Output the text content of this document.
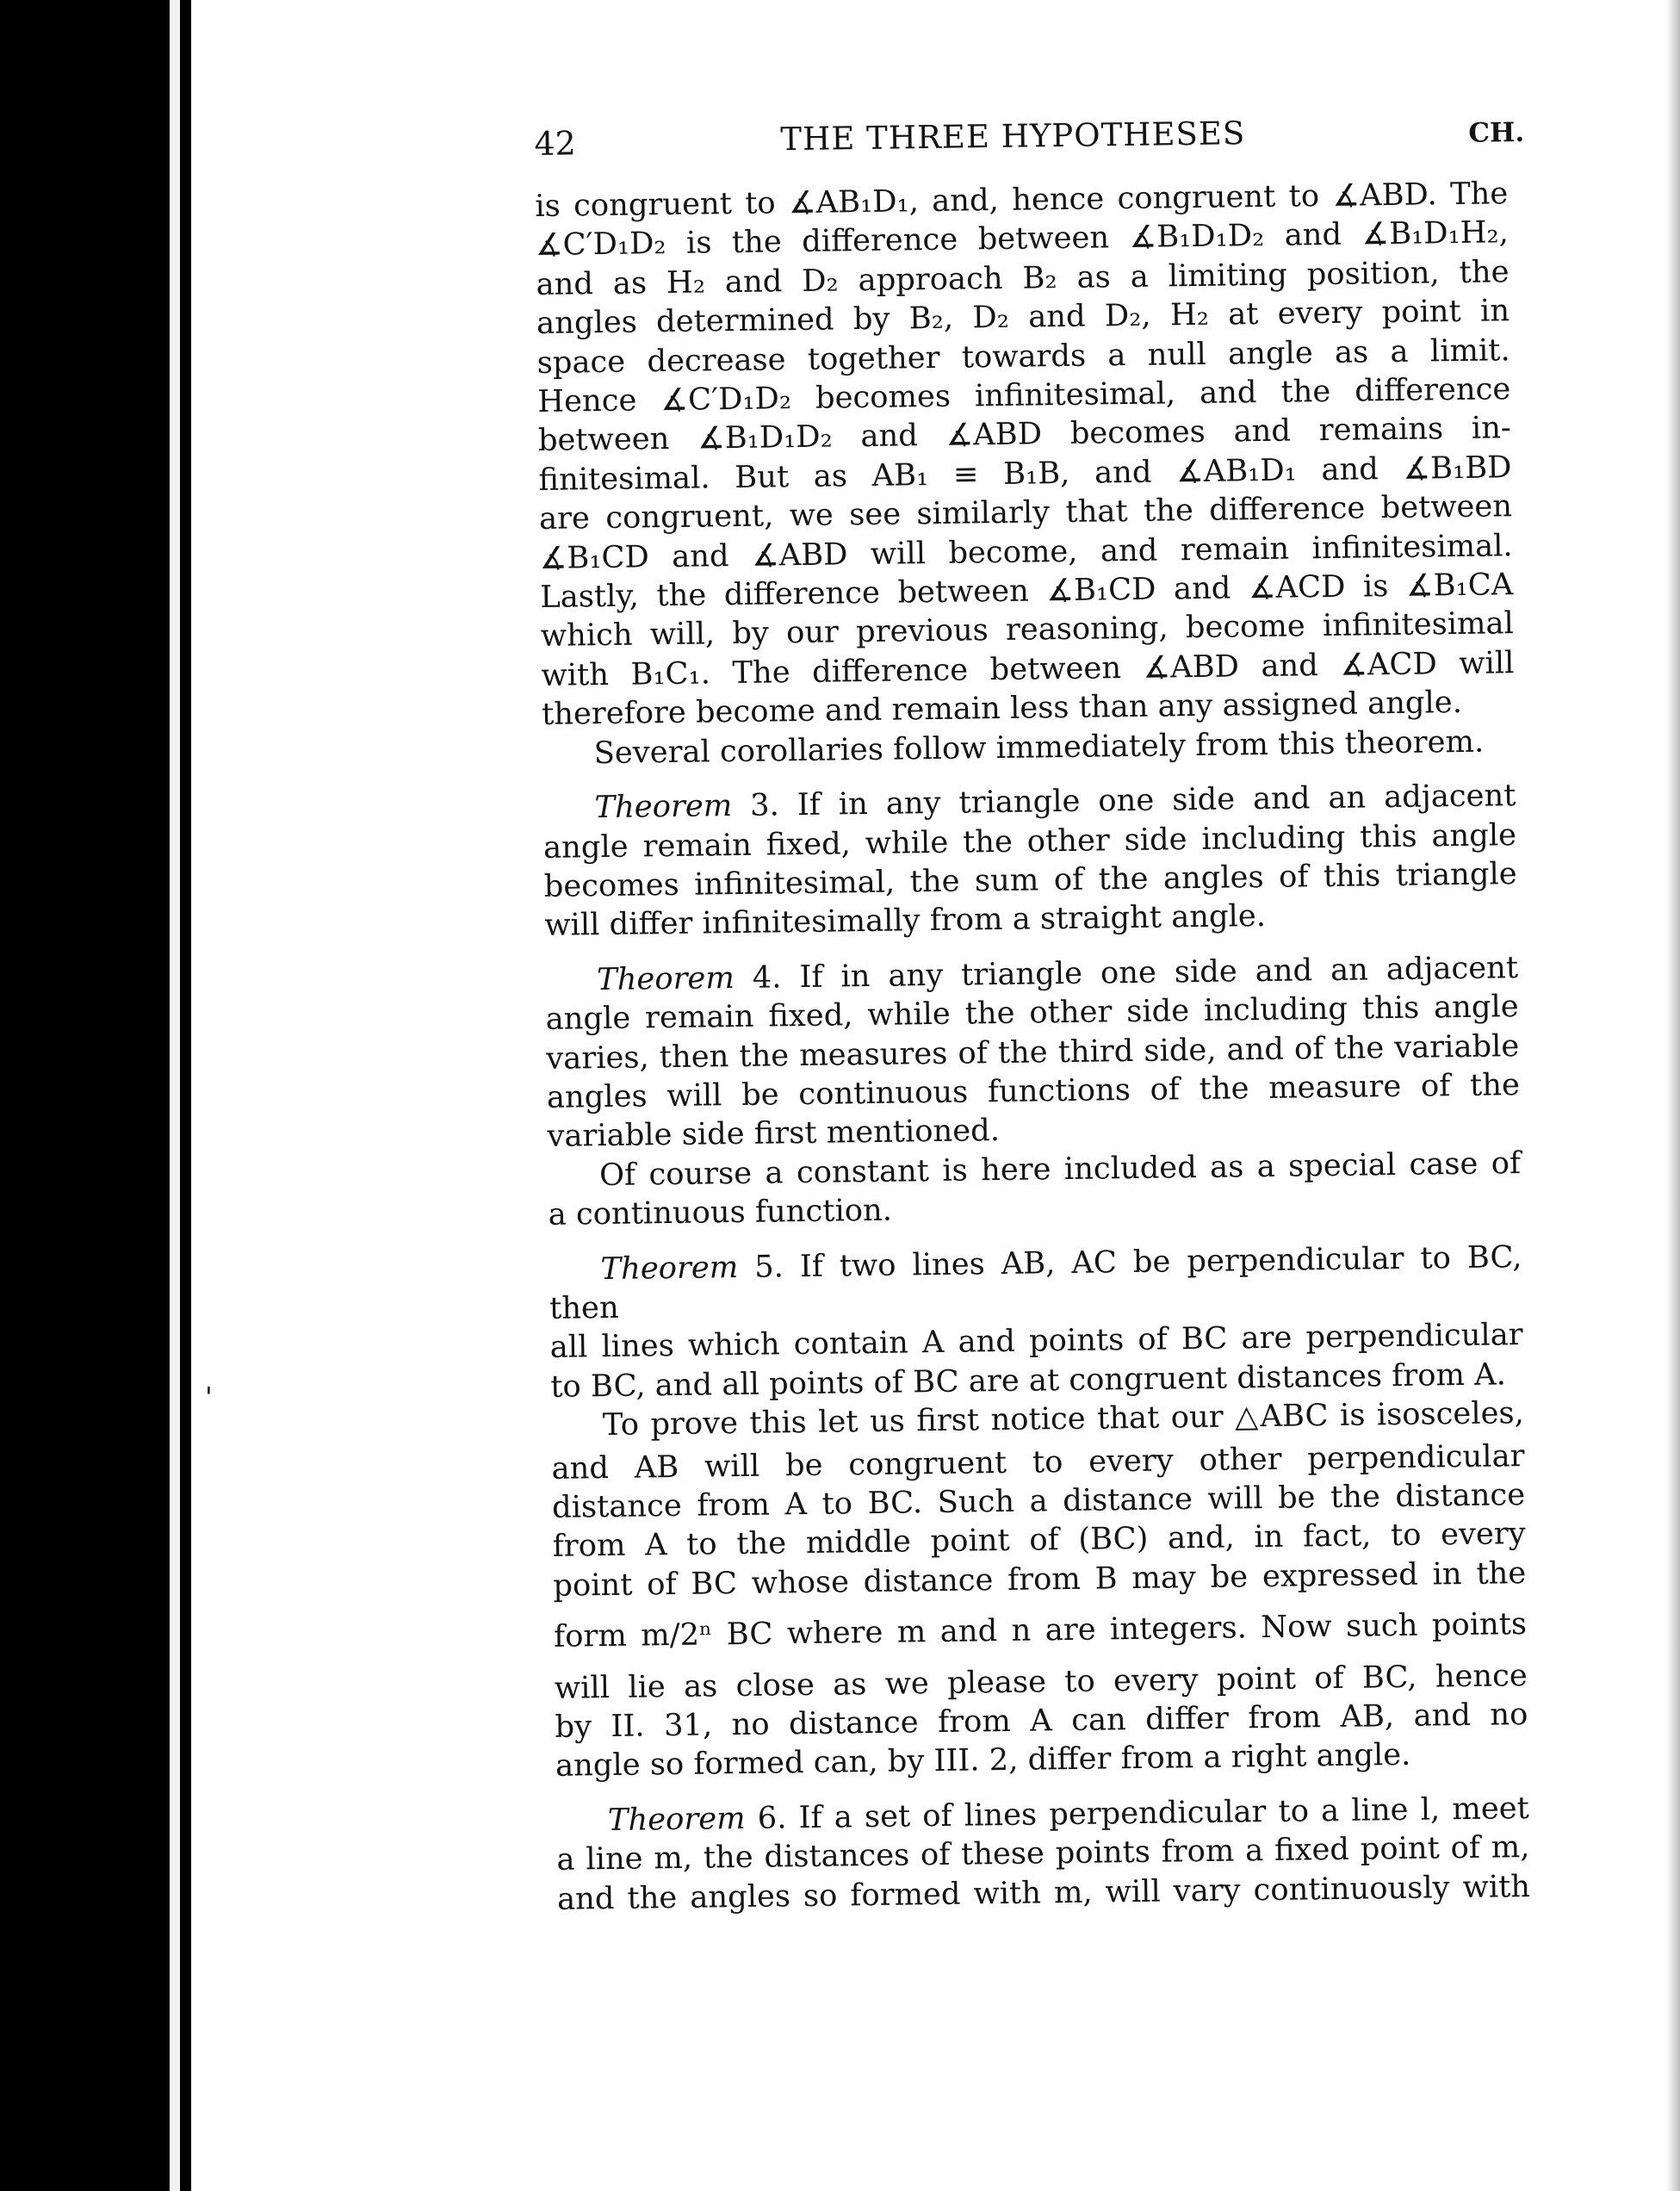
'
42	THE THREE HYPOTHESES	CH.

is congruent to ∡AB₁D₁, and, hence congruent to ∡ABD. The

∡C′D₁D₂ is the difference between ∡B₁D₁D₂ and ∡B₁D₁H₂,

and as H₂ and D₂ approach B₂ as a limiting position, the

angles determined by B₂, D₂ and D₂, H₂ at every point in

space decrease together towards a null angle as a limit.

Hence ∡C′D₁D₂ becomes infinitesimal, and the difference

between ∡B₁D₁D₂ and ∡ABD becomes and remains in-

finitesimal. But as AB₁ ≡ B₁B, and ∡AB₁D₁ and ∡B₁BD

are congruent, we see similarly that the difference between

∡B₁CD and ∡ABD will become, and remain infinitesimal.

Lastly, the difference between ∡B₁CD and ∡ACD is ∡B₁CA

which will, by our previous reasoning, become infinitesimal

with B₁C₁. The difference between ∡ABD and ∡ACD will

therefore become and remain less than any assigned angle.

Several corollaries follow immediately from this theorem.

Theorem 3. If in any triangle one side and an adjacent

angle remain fixed, while the other side including this angle

becomes infinitesimal, the sum of the angles of this triangle

will differ infinitesimally from a straight angle.

Theorem 4. If in any triangle one side and an adjacent

angle remain fixed, while the other side including this angle

varies, then the measures of the third side, and of the variable

angles will be continuous functions of the measure of the

variable side first mentioned.

Of course a constant is here included as a special case of

a continuous function.

Theorem 5. If two lines AB, AC be perpendicular to BC, then

all lines which contain A and points of BC are perpendicular

to BC, and all points of BC are at congruent distances from A.

To prove this let us first notice that our △ABC is isosceles,

and AB will be congruent to every other perpendicular

distance from A to BC. Such a distance will be the distance

from A to the middle point of (BC) and, in fact, to every

point of BC whose distance from B may be expressed in the

form m/2ⁿ BC where m and n are integers. Now such points

will lie as close as we please to every point of BC, hence

by II. 31, no distance from A can differ from AB, and no

angle so formed can, by III. 2, differ from a right angle.

Theorem 6. If a set of lines perpendicular to a line l, meet

a line m, the distances of these points from a fixed point of m,

and the angles so formed with m, will vary continuously with
